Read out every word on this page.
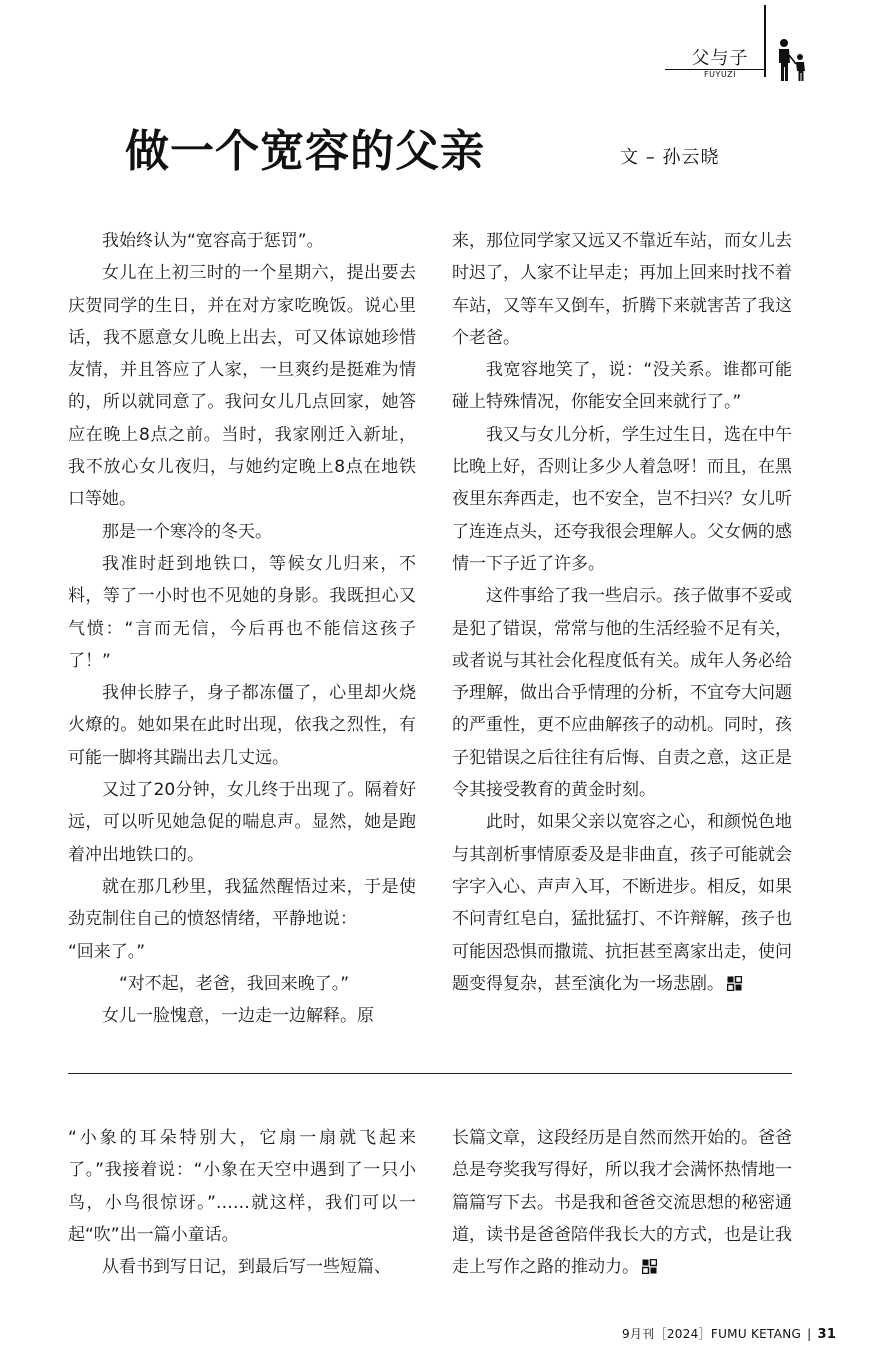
父与子
FUYUZI
做一个宽容的父亲	文 – 孙云晓

我始终认为“宽容高于惩罚”。

女儿在上初三时的一个星期六，提出要去庆贺同学的生日，并在对方家吃晚饭。说心里话，我不愿意女儿晚上出去，可又体谅她珍惜友情，并且答应了人家，一旦爽约是挺难为情的，所以就同意了。我问女儿几点回家，她答应在晚上8点之前。当时，我家刚迁入新址，我不放心女儿夜归，与她约定晚上8点在地铁口等她。

那是一个寒冷的冬天。

我准时赶到地铁口，等候女儿归来，不料，等了一小时也不见她的身影。我既担心又气愤：“言而无信，今后再也不能信这孩子了！”

我伸长脖子，身子都冻僵了，心里却火烧火燎的。她如果在此时出现，依我之烈性，有可能一脚将其踹出去几丈远。

又过了20分钟，女儿终于出现了。隔着好远，可以听见她急促的喘息声。显然，她是跑着冲出地铁口的。

就在那几秒里，我猛然醒悟过来，于是使劲克制住自己的愤怒情绪，平静地说：

“回来了。”

“对不起，老爸，我回来晚了。”

女儿一脸愧意，一边走一边解释。原

来，那位同学家又远又不靠近车站，而女儿去时迟了，人家不让早走；再加上回来时找不着车站，又等车又倒车，折腾下来就害苦了我这个老爸。

我宽容地笑了，说：“没关系。谁都可能碰上特殊情况，你能安全回来就行了。”

我又与女儿分析，学生过生日，选在中午比晚上好，否则让多少人着急呀！而且，在黑夜里东奔西走，也不安全，岂不扫兴？女儿听了连连点头，还夸我很会理解人。父女俩的感情一下子近了许多。

这件事给了我一些启示。孩子做事不妥或是犯了错误，常常与他的生活经验不足有关，或者说与其社会化程度低有关。成年人务必给予理解，做出合乎情理的分析，不宜夸大问题的严重性，更不应曲解孩子的动机。同时，孩子犯错误之后往往有后悔、自责之意，这正是令其接受教育的黄金时刻。

此时，如果父亲以宽容之心，和颜悦色地与其剖析事情原委及是非曲直，孩子可能就会字字入心、声声入耳，不断进步。相反，如果不问青红皂白，猛批猛打、不许辩解，孩子也可能因恐惧而撒谎、抗拒甚至离家出走，使问题变得复杂，甚至演化为一场悲剧。

“小象的耳朵特别大，它扇一扇就飞起来了。”我接着说：“小象在天空中遇到了一只小鸟，小鸟很惊讶。”……就这样，我们可以一起“吹”出一篇小童话。

从看书到写日记，到最后写一些短篇、

长篇文章，这段经历是自然而然开始的。爸爸总是夸奖我写得好，所以我才会满怀热情地一篇篇写下去。书是我和爸爸交流思想的秘密通道，读书是爸爸陪伴我长大的方式，也是让我走上写作之路的推动力。

9月刊［2024］FUMU KETANG | 31
